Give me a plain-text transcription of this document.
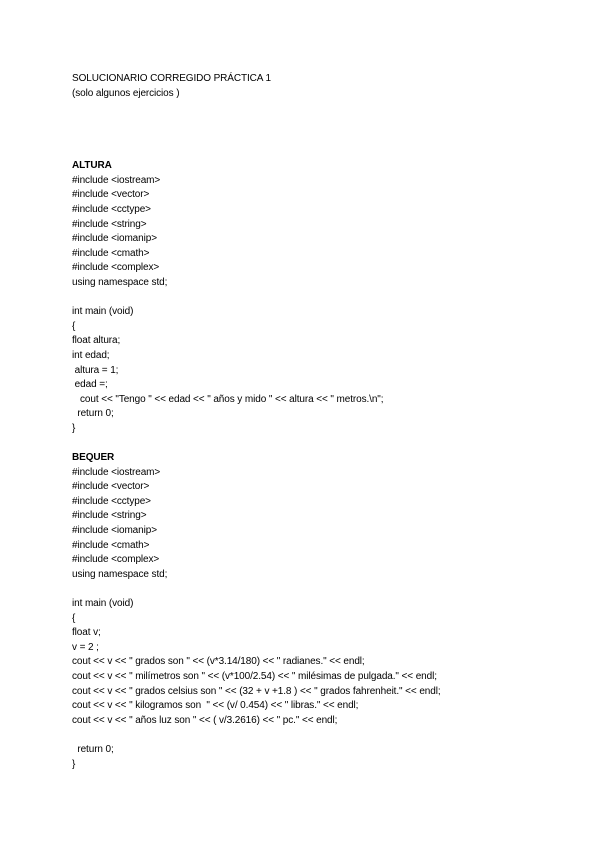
SOLUCIONARIO CORREGIDO PRÁCTICA 1
(solo algunos ejercicios )
ALTURA
#include <iostream>
#include <vector>
#include <cctype>
#include <string>
#include <iomanip>
#include <cmath>
#include <complex>
using namespace std;
int main (void)
{
float altura;
int edad;
altura = 1;
edad =;
cout << "Tengo " << edad << " años y mido " << altura << " metros.\n";
return 0;
}
BEQUER
#include <iostream>
#include <vector>
#include <cctype>
#include <string>
#include <iomanip>
#include <cmath>
#include <complex>
using namespace std;
int main (void)
{
float v;
v = 2 ;
cout << v << " grados son " << (v*3.14/180) << " radianes." << endl;
cout << v << " milímetros son " << (v*100/2.54) << " milésimas de pulgada." << endl;
cout << v << " grados celsius son " << (32 + v +1.8 ) << " grados fahrenheit." << endl;
cout << v << " kilogramos son  " << (v/ 0.454) << " libras." << endl;
cout << v << " años luz son " << ( v/3.2616) << " pc." << endl;
return 0;
}
